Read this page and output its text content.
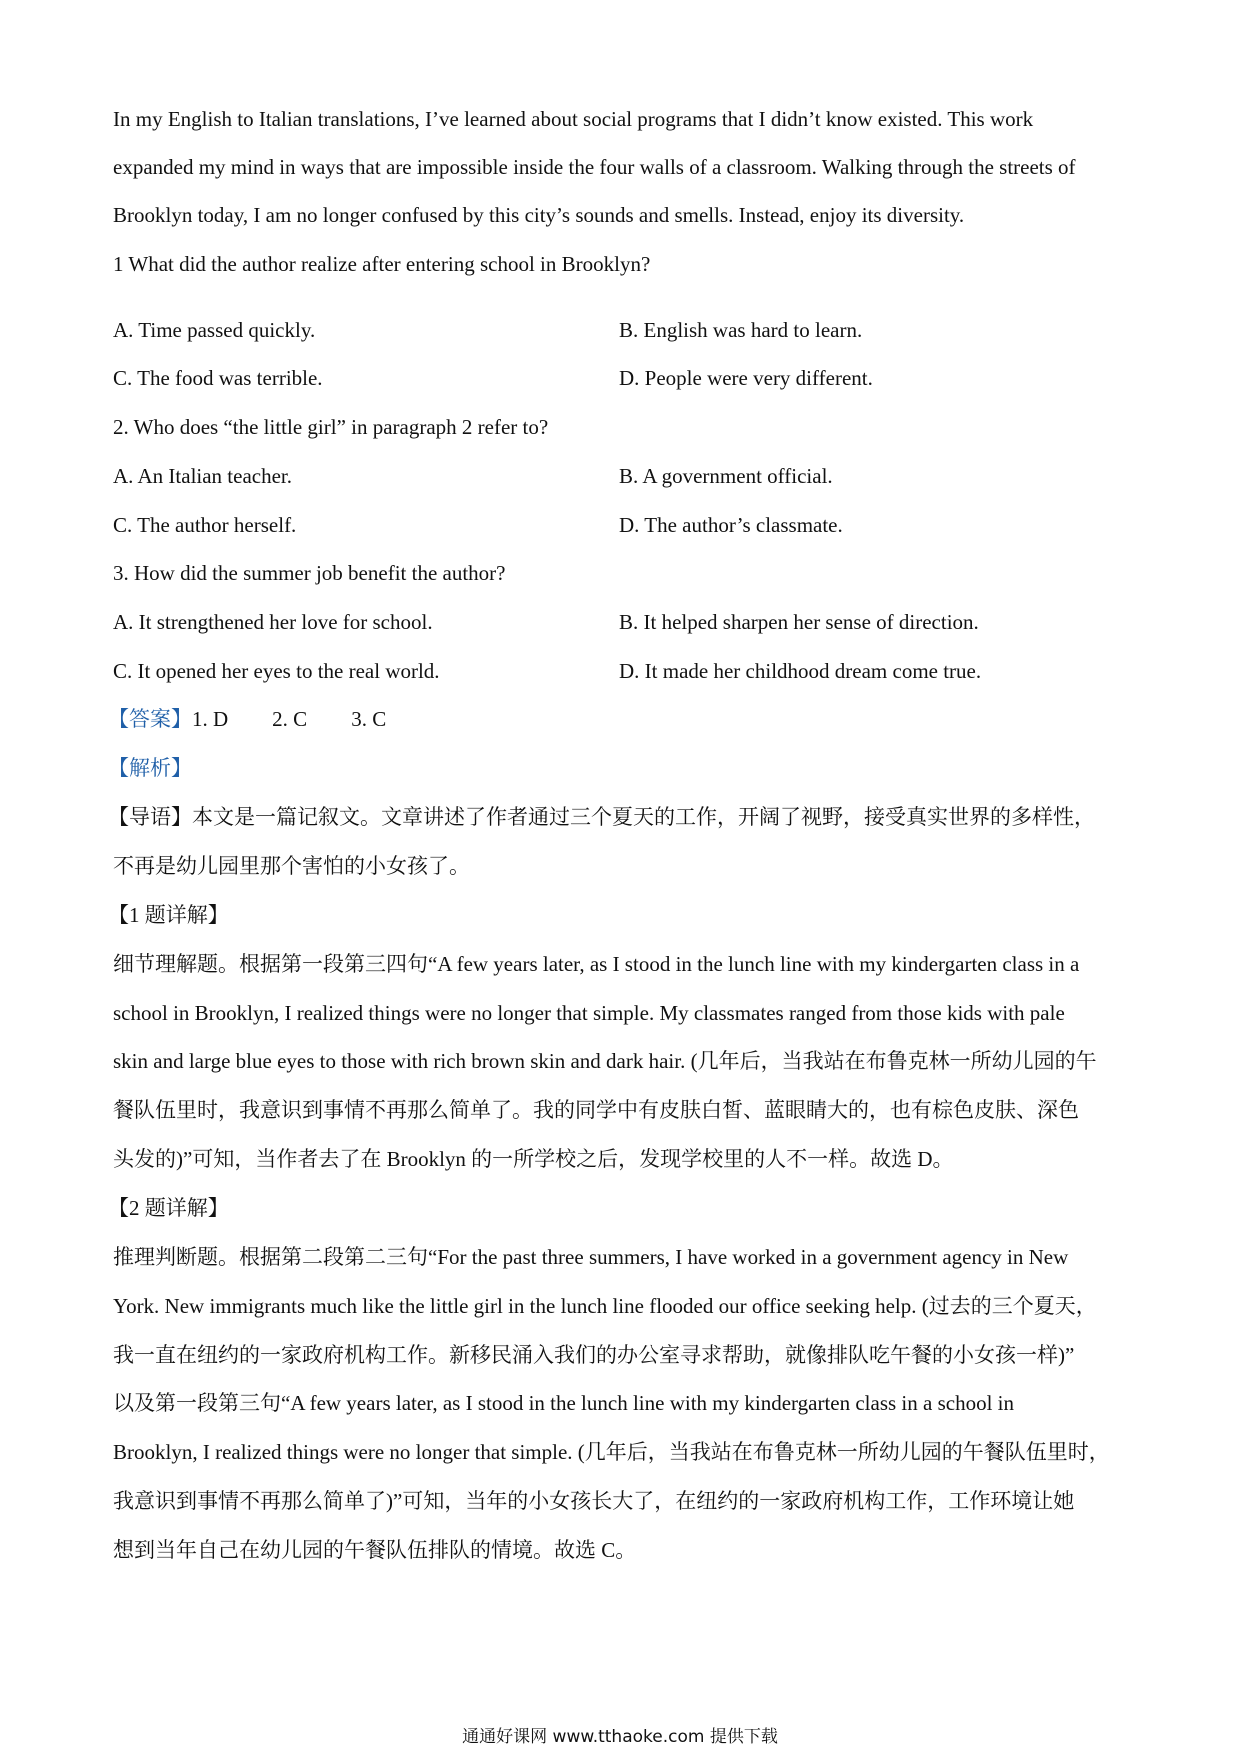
In my English to Italian translations, I’ve learned about social programs that I didn’t know existed. This work
expanded my mind in ways that are impossible inside the four walls of a classroom. Walking through the streets of
Brooklyn today, I am no longer confused by this city’s sounds and smells. Instead, enjoy its diversity.
1 What did the author realize after entering school in Brooklyn?
A. Time passed quickly.	B. English was hard to learn.
C. The food was terrible.	D. People were very different.
2. Who does “the little girl” in paragraph 2 refer to?
A. An Italian teacher.	B. A government official.
C. The author herself.	D. The author’s classmate.
3. How did the summer job benefit the author?
A. It strengthened her love for school.	B. It helped sharpen her sense of direction.
C. It opened her eyes to the real world.	D. It made her childhood dream come true.
【答案】1. D 2. C 3. C
【解析】
【导语】本文是一篇记叙文。文章讲述了作者通过三个夏天的工作，开阔了视野，接受真实世界的多样性，
不再是幼儿园里那个害怕的小女孩了。
【1 题详解】
细节理解题。根据第一段第三四句“A few years later, as I stood in the lunch line with my kindergarten class in a
school in Brooklyn, I realized things were no longer that simple. My classmates ranged from those kids with pale
skin and large blue eyes to those with rich brown skin and dark hair. (几年后，当我站在布鲁克林一所幼儿园的午
餐队伍里时，我意识到事情不再那么简单了。我的同学中有皮肤白皙、蓝眼睛大的，也有棕色皮肤、深色
头发的)”可知，当作者去了在 Brooklyn 的一所学校之后，发现学校里的人不一样。故选 D。
【2 题详解】
推理判断题。根据第二段第二三句“For the past three summers, I have worked in a government agency in New
York. New immigrants much like the little girl in the lunch line flooded our office seeking help. (过去的三个夏天，
我一直在纽约的一家政府机构工作。新移民涌入我们的办公室寻求帮助，就像排队吃午餐的小女孩一样)”
以及第一段第三句“A few years later, as I stood in the lunch line with my kindergarten class in a school in
Brooklyn, I realized things were no longer that simple. (几年后，当我站在布鲁克林一所幼儿园的午餐队伍里时，
我意识到事情不再那么简单了)”可知，当年的小女孩长大了，在纽约的一家政府机构工作，工作环境让她
想到当年自己在幼儿园的午餐队伍排队的情境。故选 C。
通通好课网 www.tthaoke.com 提供下载
